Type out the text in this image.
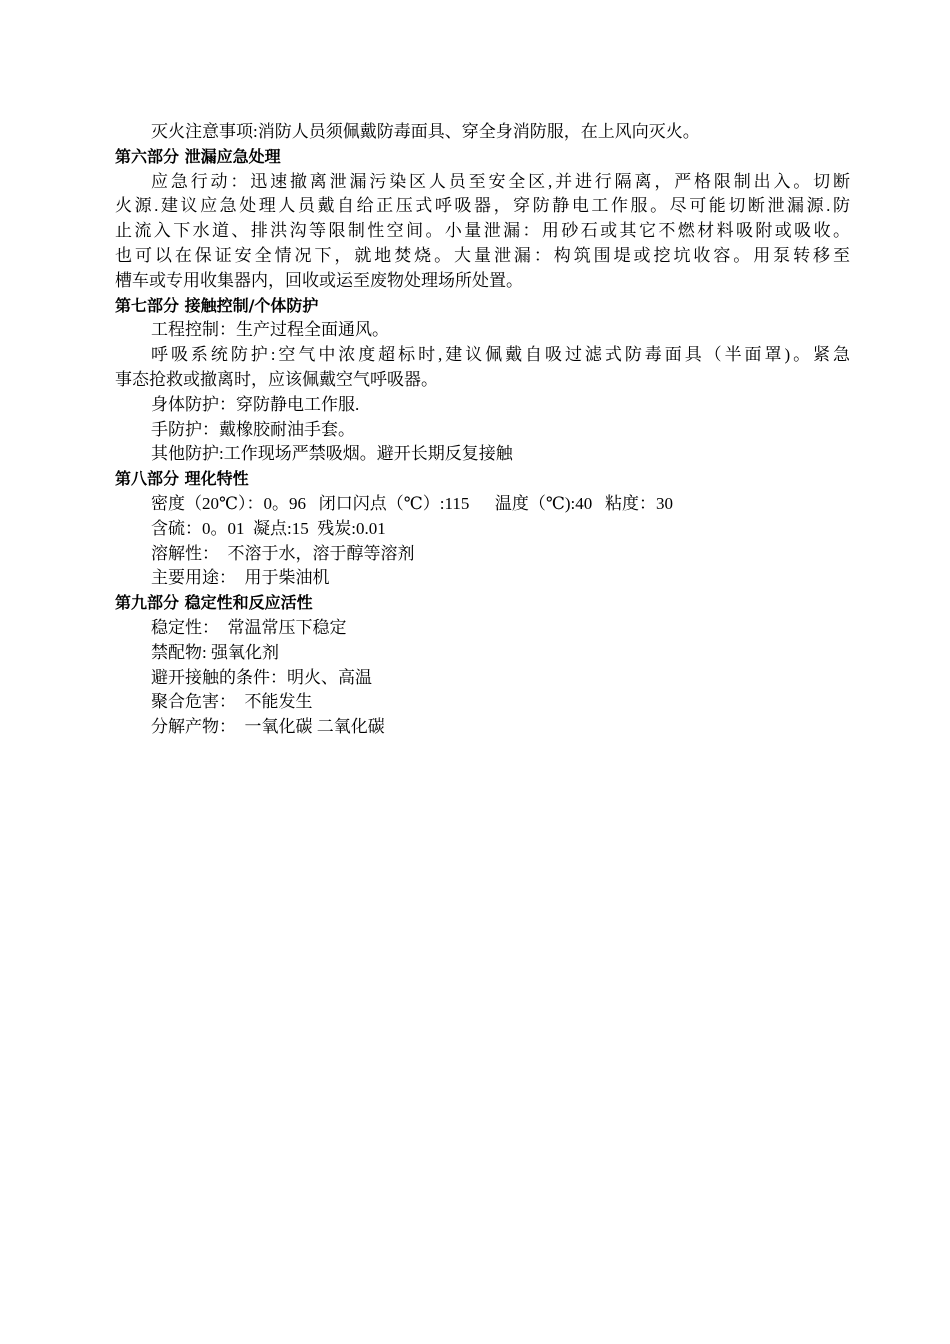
灭火注意事项:消防人员须佩戴防毒面具、穿全身消防服，在上风向灭火。
第六部分 泄漏应急处理
应急行动：迅速撤离泄漏污染区人员至安全区,并进行隔离，严格限制出入。切断
火源.建议应急处理人员戴自给正压式呼吸器，穿防静电工作服。尽可能切断泄漏源.防
止流入下水道、排洪沟等限制性空间。小量泄漏：用砂石或其它不燃材料吸附或吸收。
也可以在保证安全情况下，就地焚烧。大量泄漏：构筑围堤或挖坑收容。用泵转移至
槽车或专用收集器内，回收或运至废物处理场所处置。
第七部分 接触控制/个体防护
工程控制：生产过程全面通风。
呼吸系统防护:空气中浓度超标时,建议佩戴自吸过滤式防毒面具（半面罩)。紧急
事态抢救或撤离时，应该佩戴空气呼吸器。
身体防护：穿防静电工作服.
手防护：戴橡胶耐油手套。
其他防护:工作现场严禁吸烟。避开长期反复接触
第八部分 理化特性
密度（20℃）：0。96   闭口闪点（℃）:115      温度（℃):40   粘度：30
含硫：0。01  凝点:15  残炭:0.01
溶解性：  不溶于水，溶于醇等溶剂
主要用途：  用于柴油机
第九部分 稳定性和反应活性
稳定性：  常温常压下稳定
禁配物: 强氧化剂
避开接触的条件：明火、高温
聚合危害：  不能发生
分解产物：  一氧化碳 二氧化碳
